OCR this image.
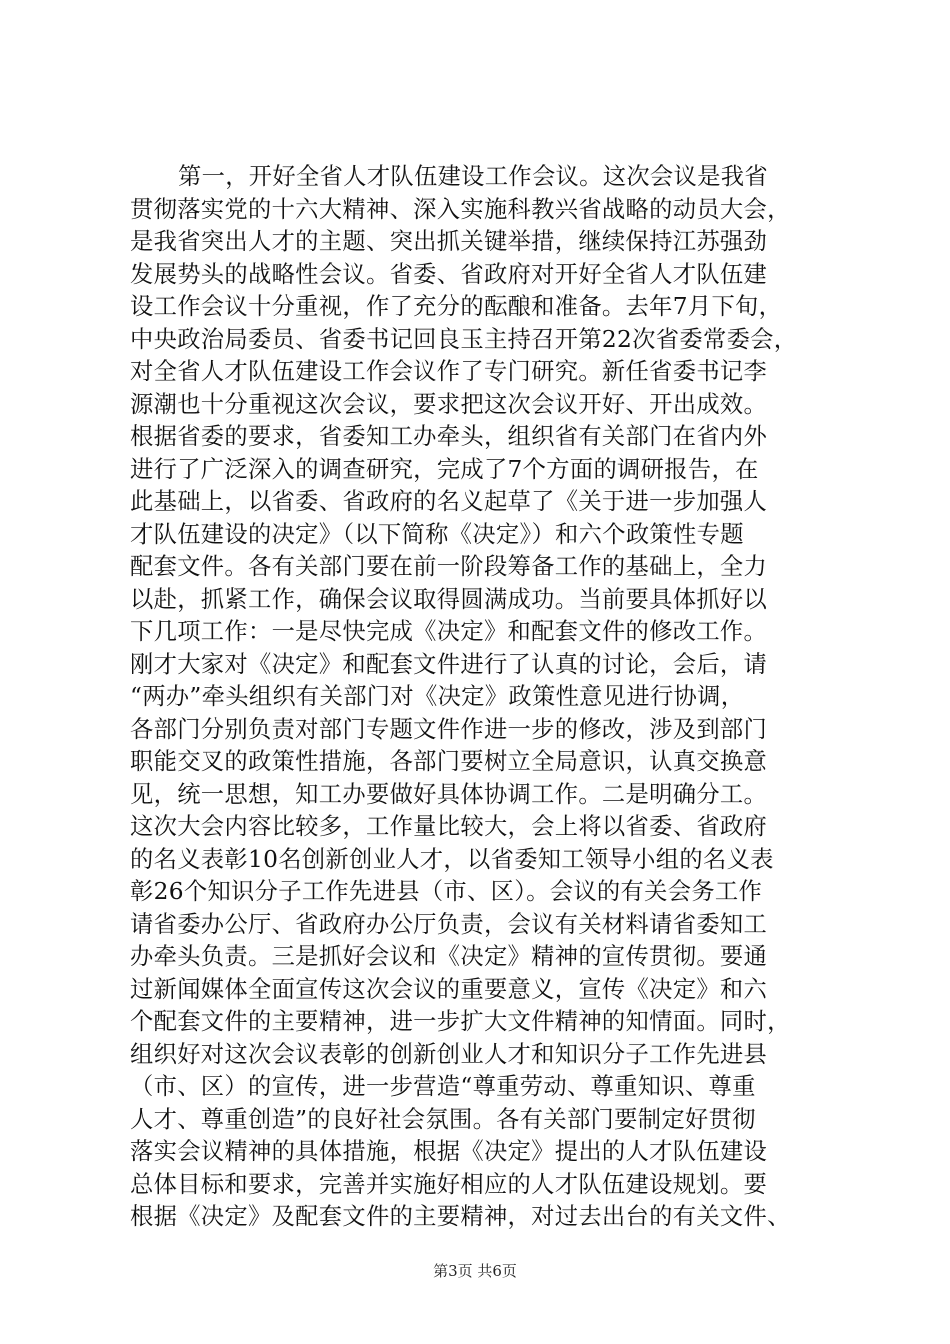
第一，开好全省人才队伍建设工作会议。这次会议是我省
贯彻落实党的十六大精神、深入实施科教兴省战略的动员大会，
是我省突出人才的主题、突出抓关键举措，继续保持江苏强劲
发展势头的战略性会议。省委、省政府对开好全省人才队伍建
设工作会议十分重视，作了充分的酝酿和准备。去年7月下旬，
中央政治局委员、省委书记回良玉主持召开第22次省委常委会，
对全省人才队伍建设工作会议作了专门研究。新任省委书记李
源潮也十分重视这次会议，要求把这次会议开好、开出成效。
根据省委的要求，省委知工办牵头，组织省有关部门在省内外
进行了广泛深入的调查研究，完成了7个方面的调研报告，在
此基础上，以省委、省政府的名义起草了《关于进一步加强人
才队伍建设的决定》（以下简称《决定》）和六个政策性专题
配套文件。各有关部门要在前一阶段筹备工作的基础上，全力
以赴，抓紧工作，确保会议取得圆满成功。当前要具体抓好以
下几项工作：一是尽快完成《决定》和配套文件的修改工作。
刚才大家对《决定》和配套文件进行了认真的讨论，会后，请
“两办”牵头组织有关部门对《决定》政策性意见进行协调，
各部门分别负责对部门专题文件作进一步的修改，涉及到部门
职能交叉的政策性措施，各部门要树立全局意识，认真交换意
见，统一思想，知工办要做好具体协调工作。二是明确分工。
这次大会内容比较多，工作量比较大，会上将以省委、省政府
的名义表彰10名创新创业人才，以省委知工领导小组的名义表
彰26个知识分子工作先进县（市、区）。会议的有关会务工作
请省委办公厅、省政府办公厅负责，会议有关材料请省委知工
办牵头负责。三是抓好会议和《决定》精神的宣传贯彻。要通
过新闻媒体全面宣传这次会议的重要意义，宣传《决定》和六
个配套文件的主要精神，进一步扩大文件精神的知情面。同时，
组织好对这次会议表彰的创新创业人才和知识分子工作先进县
（市、区）的宣传，进一步营造“尊重劳动、尊重知识、尊重
人才、尊重创造”的良好社会氛围。各有关部门要制定好贯彻
落实会议精神的具体措施，根据《决定》提出的人才队伍建设
总体目标和要求，完善并实施好相应的人才队伍建设规划。要
根据《决定》及配套文件的主要精神，对过去出台的有关文件、
第3页 共6页
